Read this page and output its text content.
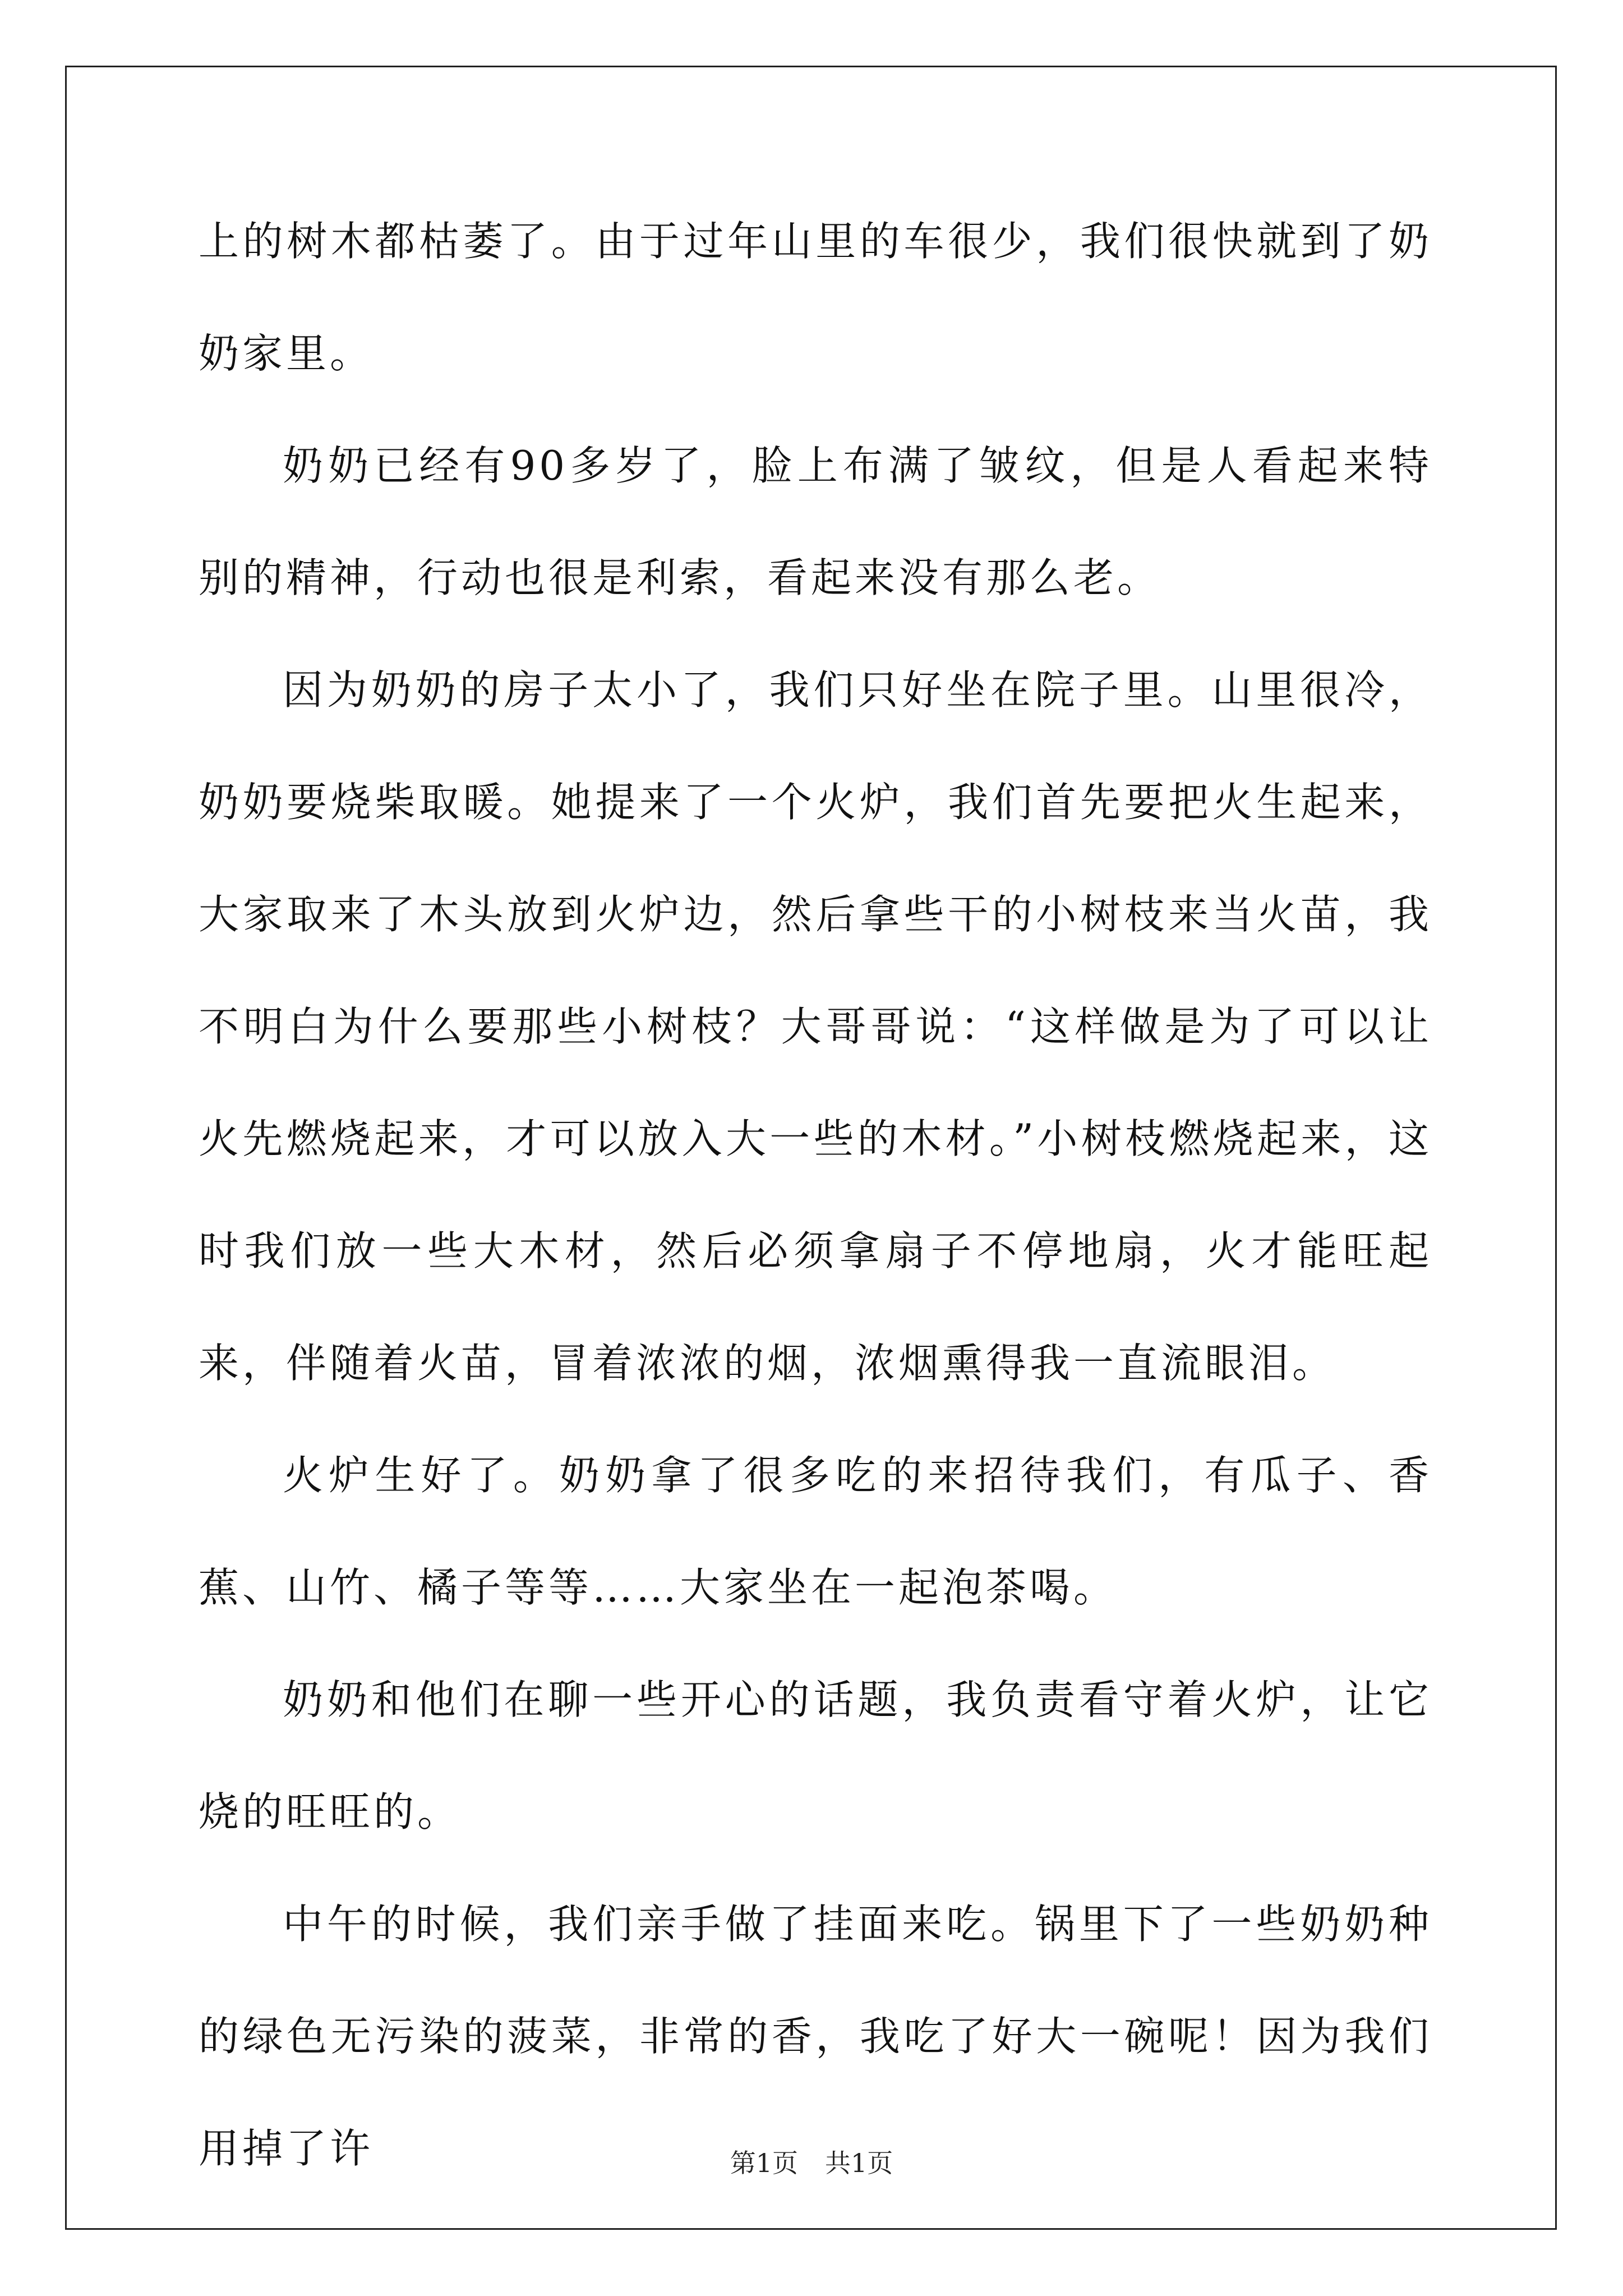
上的树木都枯萎了。由于过年山里的车很少，我们很快就到了奶奶家里。

奶奶已经有90多岁了，脸上布满了皱纹，但是人看起来特别的精神，行动也很是利索，看起来没有那么老。

因为奶奶的房子太小了，我们只好坐在院子里。山里很冷，奶奶要烧柴取暖。她提来了一个火炉，我们首先要把火生起来，大家取来了木头放到火炉边，然后拿些干的小树枝来当火苗，我不明白为什么要那些小树枝？大哥哥说：“这样做是为了可以让火先燃烧起来，才可以放入大一些的木材。”小树枝燃烧起来，这时我们放一些大木材，然后必须拿扇子不停地扇，火才能旺起来，伴随着火苗，冒着浓浓的烟，浓烟熏得我一直流眼泪。

火炉生好了。奶奶拿了很多吃的来招待我们，有瓜子、香蕉、山竹、橘子等等……大家坐在一起泡茶喝。

奶奶和他们在聊一些开心的话题，我负责看守着火炉，让它烧的旺旺的。

中午的时候，我们亲手做了挂面来吃。锅里下了一些奶奶种的绿色无污染的菠菜，非常的香，我吃了好大一碗呢！因为我们用掉了许	第1页 共1页
